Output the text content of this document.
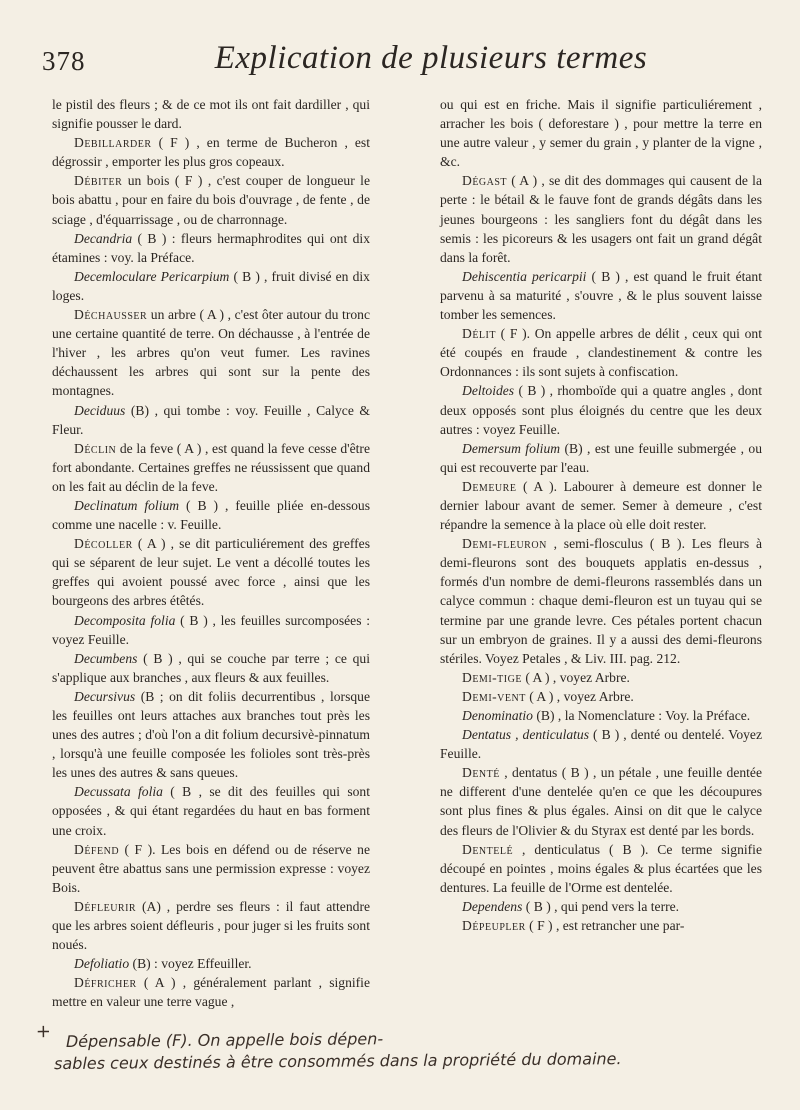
378	Explication de plusieurs termes

le pistil des fleurs ; & de ce mot ils ont fait dardiller , qui signifie pousser le dard.

Debillarder ( F ) , en terme de Bucheron , est dégrossir , emporter les plus gros copeaux.

Débiter un bois ( F ) , c'est couper de longueur le bois abattu , pour en faire du bois d'ouvrage , de fente , de sciage , d'équarrissage , ou de charronnage.

Decandria ( B ) : fleurs hermaphrodites qui ont dix étamines : voy. la Préface.

Decemloculare Pericarpium ( B ) , fruit divisé en dix loges.

Déchausser un arbre ( A ) , c'est ôter autour du tronc une certaine quantité de terre. On déchausse , à l'entrée de l'hiver , les arbres qu'on veut fumer. Les ravines déchaussent les arbres qui sont sur la pente des montagnes.

Deciduus (B) , qui tombe : voy. Feuille , Calyce & Fleur.

Déclin de la feve ( A ) , est quand la feve cesse d'être fort abondante. Certaines greffes ne réussissent que quand on les fait au déclin de la feve.

Declinatum folium ( B ) , feuille pliée en-dessous comme une nacelle : v. Feuille.

Décoller ( A ) , se dit particuliérement des greffes qui se séparent de leur sujet. Le vent a décollé toutes les greffes qui avoient poussé avec force , ainsi que les bourgeons des arbres étêtés.

Decomposita folia ( B ) , les feuilles surcomposées : voyez Feuille.

Decumbens ( B ) , qui se couche par terre ; ce qui s'applique aux branches , aux fleurs & aux feuilles.

Decursivus (B ; on dit foliis decurrentibus , lorsque les feuilles ont leurs attaches aux branches tout près les unes des autres ; d'où l'on a dit folium decursivè-pinnatum , lorsqu'à une feuille composée les folioles sont très-près les unes des autres & sans queues.

Decussata folia ( B , se dit des feuilles qui sont opposées , & qui étant regardées du haut en bas forment une croix.

Défend ( F ). Les bois en défend ou de réserve ne peuvent être abattus sans une permission expresse : voyez Bois.

Défleurir (A) , perdre ses fleurs : il faut attendre que les arbres soient défleuris , pour juger si les fruits sont noués.

Defoliatio (B) : voyez Effeuiller.

Défricher ( A ) , généralement parlant , signifie mettre en valeur une terre vague ,

ou qui est en friche. Mais il signifie particuliérement , arracher les bois ( deforestare ) , pour mettre la terre en une autre valeur , y semer du grain , y planter de la vigne , &c.

Dégast ( A ) , se dit des dommages qui causent de la perte : le bétail & le fauve font de grands dégâts dans les jeunes bourgeons : les sangliers font du dégât dans les semis : les picoreurs & les usagers ont fait un grand dégât dans la forêt.

Dehiscentia pericarpii ( B ) , est quand le fruit étant parvenu à sa maturité , s'ouvre , & le plus souvent laisse tomber les semences.

Délit ( F ). On appelle arbres de délit , ceux qui ont été coupés en fraude , clandestinement & contre les Ordonnances : ils sont sujets à confiscation.

Deltoides ( B ) , rhomboïde qui a quatre angles , dont deux opposés sont plus éloignés du centre que les deux autres : voyez Feuille.

Demersum folium (B) , est une feuille submergée , ou qui est recouverte par l'eau.

Demeure ( A ). Labourer à demeure est donner le dernier labour avant de semer. Semer à demeure , c'est répandre la semence à la place où elle doit rester.

Demi-fleuron , semi-flosculus ( B ). Les fleurs à demi-fleurons sont des bouquets applatis en-dessus , formés d'un nombre de demi-fleurons rassemblés dans un calyce commun : chaque demi-fleuron est un tuyau qui se termine par une grande levre. Ces pétales portent chacun sur un embryon de graines. Il y a aussi des demi-fleurons stériles. Voyez Petales , & Liv. III. pag. 212.

Demi-tige ( A ) , voyez Arbre.

Demi-vent ( A ) , voyez Arbre.

Denominatio (B) , la Nomenclature : Voy. la Préface.

Dentatus , denticulatus ( B ) , denté ou dentelé. Voyez Feuille.

Denté , dentatus ( B ) , un pétale , une feuille dentée ne different d'une dentelée qu'en ce que les découpures sont plus fines & plus égales. Ainsi on dit que le calyce des fleurs de l'Olivier & du Styrax est denté par les bords.

Dentelé , denticulatus ( B ). Ce terme signifie découpé en pointes , moins égales & plus écartées que les dentures. La feuille de l'Orme est dentelée.

Dependens ( B ) , qui pend vers la terre.

Dépeupler ( F ) , est retrancher une par-

+ Dépensable (F). On appelle bois dépen-
sables ceux destinés à être consommés dans la propriété du domaine.
